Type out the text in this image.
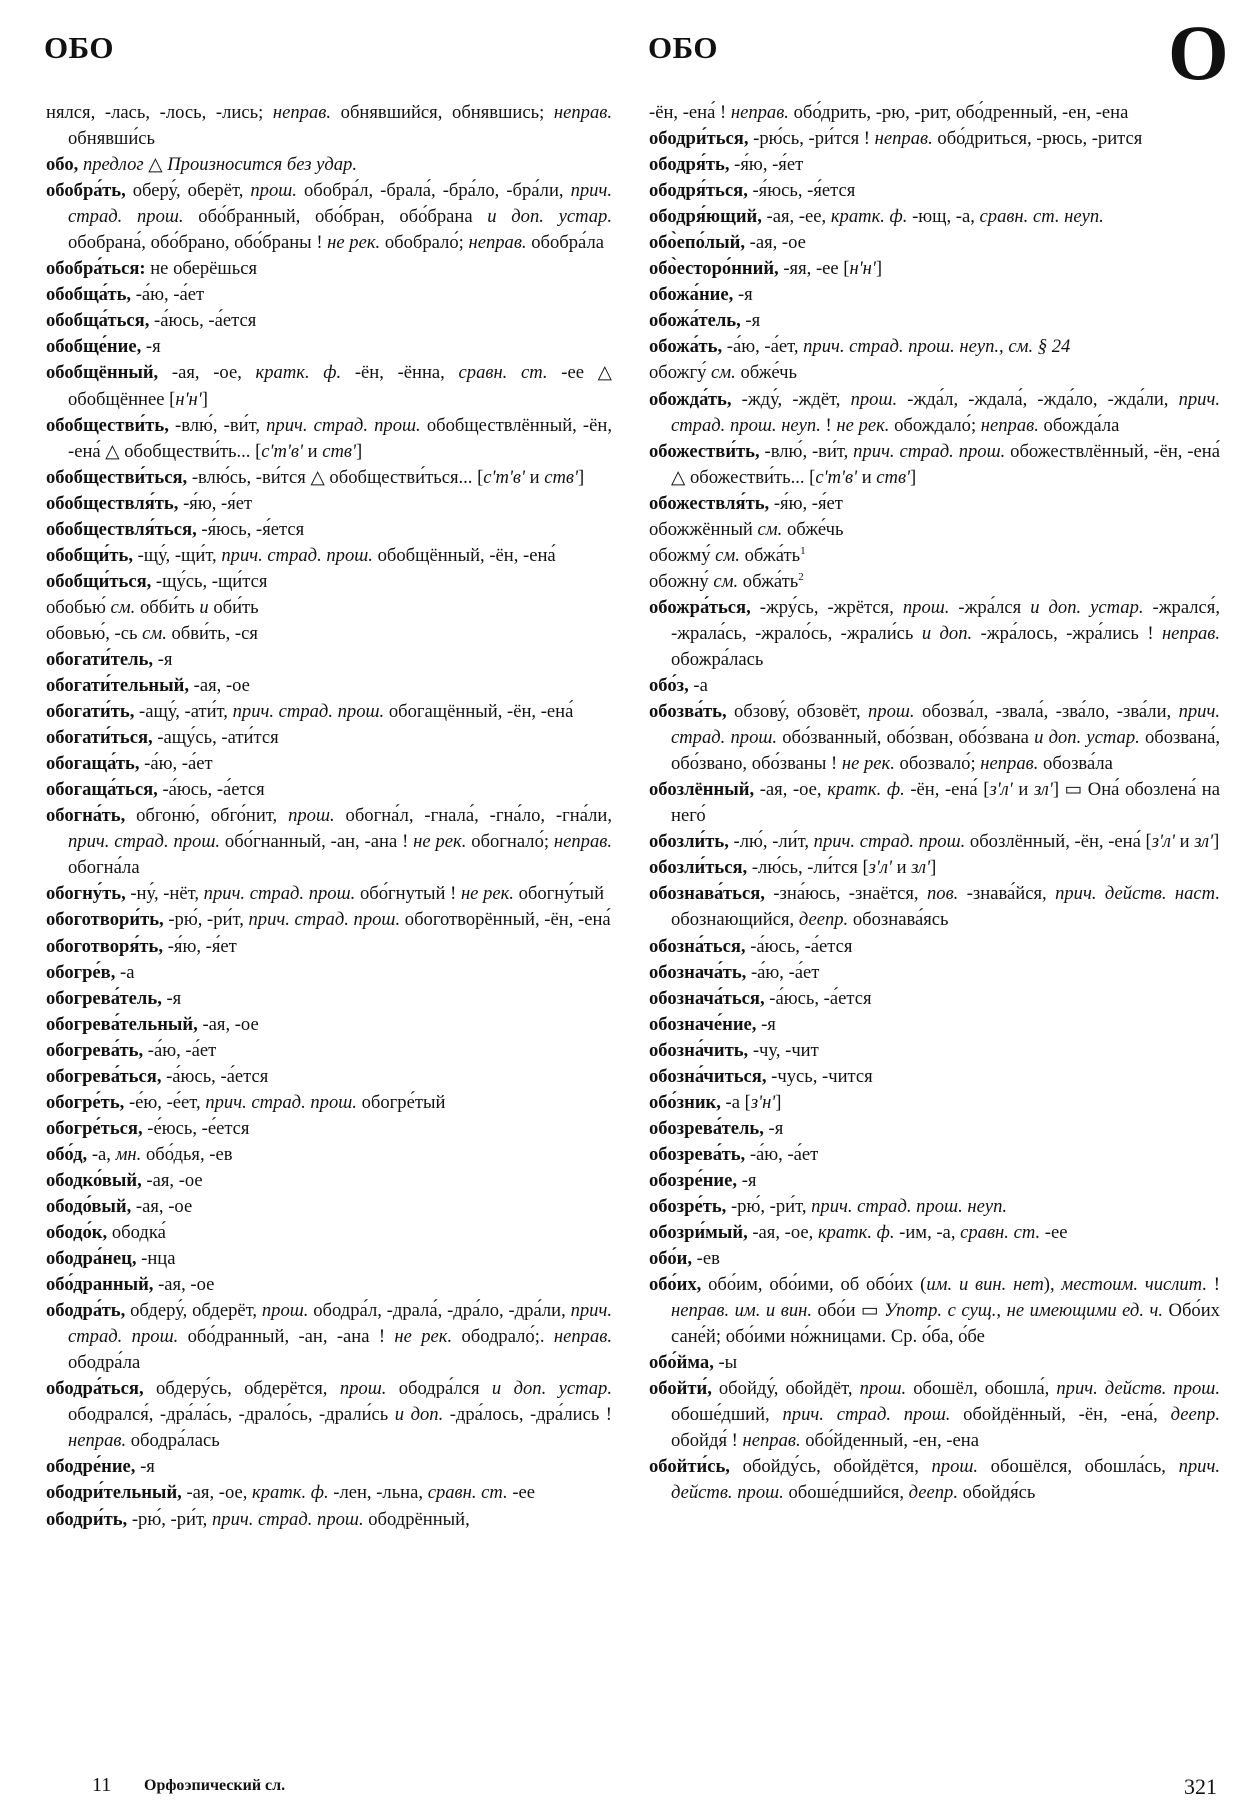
ОБО	ОБО	О
нялся, -лась, -лось, -лись; неправ. обнявшийся, обнявшись; неправ. обнявши́сь
обо, предлог △ Произносится без удар.
обобра́ть, оберу́, оберёт, прош. обобра́л, -брала́, -бра́ло, -бра́ли, прич. страд. прош. обо́бранный, обо́бран, обо́брана и доп. устар. обобрана́, обо́брано, обо́браны ! не рек. обобрало́; неправ. обобра́ла
обобра́ться: не оберёшься
обобща́ть, -а́ю, -а́ет
обобща́ться, -а́юсь, -а́ется
обобще́ние, -я
обобщённый, -ая, -ое, кратк. ф. -ён, -ённа, сравн. ст. -ее △ обобщённее [нʹнʹ]
обобществи́ть, -влю́, -ви́т, прич. страд. прош. обобществлённый, -ён, -ена́ △ обобществи́ть... [сʹтʹвʹ и ствʹ]
обобществи́ться, -влю́сь, -ви́тся △ обобществи́ться... [сʹтʹвʹ и ствʹ]
обобществля́ть, -я́ю, -я́ет
обобществля́ться, -я́юсь, -я́ется
обобщи́ть, -щу́, -щи́т, прич. страд. прош. обобщённый, -ён, -ена́
обобщи́ться, -щу́сь, -щи́тся
обобью́ см. обби́ть и оби́ть
обовью́, -сь см. обви́ть, -ся
обогати́тель, -я
обогати́тельный, -ая, -ое
обогати́ть, -ащу́, -ати́т, прич. страд. прош. обогащённый, -ён, -ена́
обогати́ться, -ащу́сь, -ати́тся
обогаща́ть, -а́ю, -а́ет
обогаща́ться, -а́юсь, -а́ется
обогна́ть, обгоню́, обго́нит, прош. обогна́л, -гнала́, -гна́ло, -гна́ли, прич. страд. прош. обо́гнанный, -ан, -ана ! не рек. обогнало́; неправ. обогна́ла
обогну́ть, -ну́, -нёт, прич. страд. прош. обо́гнутый ! не рек. обогну́тый
обоготвори́ть, -рю́, -ри́т, прич. страд. прош. обоготворённый, -ён, -ена́
обоготворя́ть, -я́ю, -я́ет
обогре́в, -а
обогрева́тель, -я
обогрева́тельный, -ая, -ое
обогрева́ть, -а́ю, -а́ет
обогрева́ться, -а́юсь, -а́ется
обогре́ть, -е́ю, -е́ет, прич. страд. прош. обогре́тый
обогре́ться, -е́юсь, -е́ется
обо́д, -а, мн. обо́дья, -ев
ободко́вый, -ая, -ое
ободо́вый, -ая, -ое
ободо́к, ободка́
ободра́нец, -нца
обо́дранный, -ая, -ое
ободра́ть, обдеру́, обдерёт, прош. ободра́л, -драла́, -дра́ло, -дра́ли, прич. страд. прош. обо́дранный, -ан, -ана ! не рек. ободрало́;. неправ. ободра́ла
ободра́ться, обдеру́сь, обдерётся, прош. ободра́лся и доп. устар. ободрался́, -дра́ла́сь, -драло́сь, -драли́сь и доп. -дра́лось, -дра́лись ! неправ. ободра́лась
ободре́ние, -я
ободри́тельный, -ая, -ое, кратк. ф. -лен, -льна, сравн. ст. -ее
ободри́ть, -рю́, -ри́т, прич. страд. прош. ободрённый,
-ён, -ена́ ! неправ. обо́дрить, -рю, -рит, обо́дренный, -ен, -ена
ободри́ться, -рю́сь, -ри́тся ! неправ. обо́дриться, -рюсь, -рится
ободря́ть, -я́ю, -я́ет
ободря́ться, -я́юсь, -я́ется
ободря́ющий, -ая, -ее, кратк. ф. -ющ, -а, сравн. ст. неуп.
обо̀епо́лый, -ая, -ое
обо̀есторо́нний, -яя, -ее [нʹнʹ]
обожа́ние, -я
обожа́тель, -я
обожа́ть, -а́ю, -а́ет, прич. страд. прош. неуп., см. § 24
обожгу́ см. обже́чь
обожда́ть, -жду́, -ждёт, прош. -жда́л, -ждала́, -жда́ло, -жда́ли, прич. страд. прош. неуп. ! не рек. обождало́; неправ. обожда́ла
обожестви́ть, -влю́, -ви́т, прич. страд. прош. обожествлённый, -ён, -ена́ △ обожестви́ть... [сʹтʹвʹ и ствʹ]
обожествля́ть, -я́ю, -я́ет
обожжённый см. обже́чь
обожму́ см. $обжа́ть^1$
обожну́ см. $обжа́ть^2$
обожра́ться, -жру́сь, -жрётся, прош. -жра́лся и доп. устар. -жрался́, -жрала́сь, -жрало́сь, -жрали́сь и доп. -жра́лось, -жра́лись ! неправ. обожра́лась
обо́з, -а
обозва́ть, обзову́, обзовёт, прош. обозва́л, -звала́, -зва́ло, -зва́ли, прич. страд. прош. обо́званный, обо́зван, обо́звана и доп. устар. обозвана́, обо́звано, обо́званы ! не рек. обозвало́; неправ. обозва́ла
обозлённый, -ая, -ое, кратк. ф. -ён, -ена́ [зʹлʹ и злʹ] ▭ Она́ обозлена́ на него́
обозли́ть, -лю́, -ли́т, прич. страд. прош. обозлённый, -ён, -ена́ [зʹлʹ и злʹ]
обозли́ться, -лю́сь, -ли́тся [зʹлʹ и злʹ]
обознава́ться, -зна́юсь, -знаётся, пов. -знава́йся, прич. действ. наст. обознающийся, деепр. обознава́ясь
обозна́ться, -а́юсь, -а́ется
обознача́ть, -а́ю, -а́ет
обознача́ться, -а́юсь, -а́ется
обозначе́ние, -я
обозна́чить, -чу, -чит
обозна́читься, -чусь, -чится
обо́зник, -а [зʹнʹ]
обозрева́тель, -я
обозрева́ть, -а́ю, -а́ет
обозре́ние, -я
обозре́ть, -рю́, -ри́т, прич. страд. прош. неуп.
обозри́мый, -ая, -ое, кратк. ф. -им, -а, сравн. ст. -ее
обо́и, -ев
обо́их, обо́им, обо́ими, об обо́их (им. и вин. нет), местоим. числит. ! неправ. им. и вин. обо́и ▭ Употр. с сущ., не имеющими ед. ч. Обо́их сане́й; обо́ими но́жницами. Ср. о́ба, о́бе
обо́йма, -ы
обойти́, обойду́, обойдёт, прош. обошёл, обошла́, прич. действ. прош. обоше́дший, прич. страд. прош. обойдённый, -ён, -ена́, деепр. обойдя́ ! неправ. обо́йденный, -ен, -ена
обойти́сь, обойду́сь, обойдётся, прош. обошёлся, обошла́сь, прич. действ. прош. обоше́дшийся, деепр. обойдя́сь
11 Орфоэпический сл.	321
